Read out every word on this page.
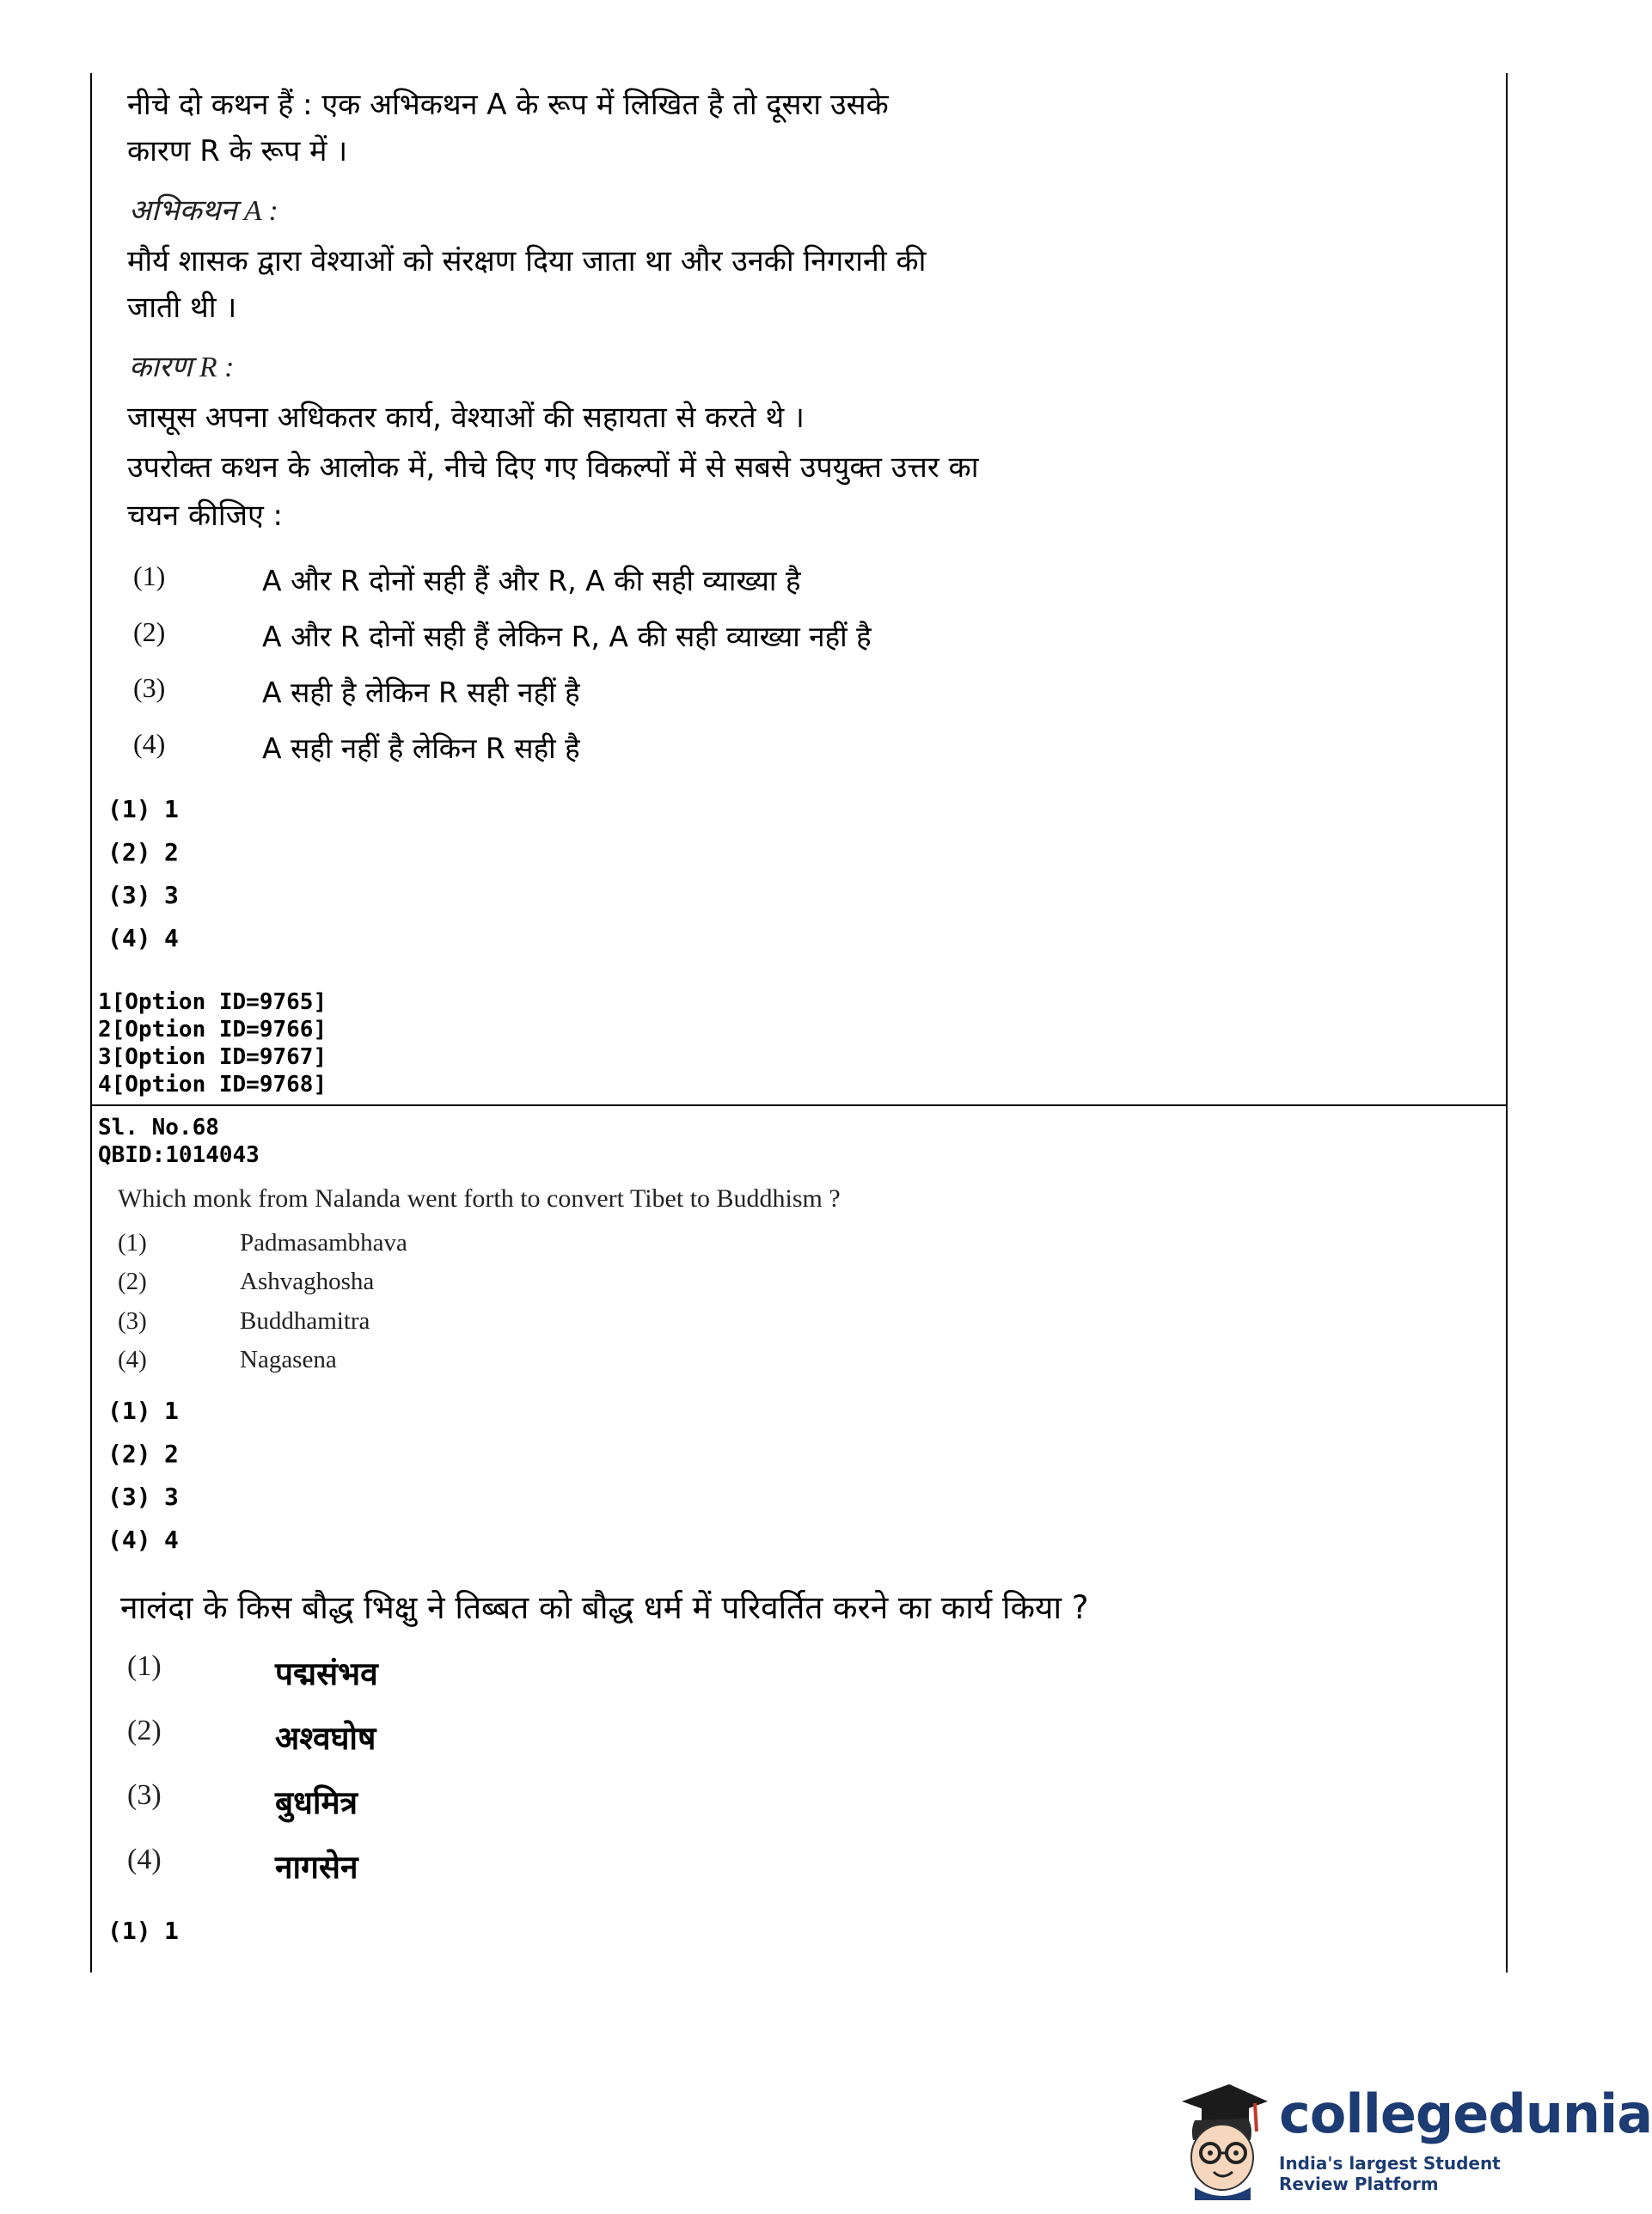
नीचे दो कथन हैं : एक अभिकथन A के रूप में लिखित है तो दूसरा उसके
कारण R के रूप में ।
अभिकथन A :
मौर्य शासक द्वारा वेश्याओं को संरक्षण दिया जाता था और उनकी निगरानी की
जाती थी ।
कारण R :
जासूस अपना अधिकतर कार्य, वेश्याओं की सहायता से करते थे ।
उपरोक्त कथन के आलोक में, नीचे दिए गए विकल्पों में से सबसे उपयुक्त उत्तर का
चयन कीजिए :
(1)	A और R दोनों सही हैं और R, A की सही व्याख्या है
(2)	A और R दोनों सही हैं लेकिन R, A की सही व्याख्या नहीं है
(3)	A सही है लेकिन R सही नहीं है
(4)	A सही नहीं है लेकिन R सही है
(1) 1
(2) 2
(3) 3
(4) 4
1[Option ID=9765]
2[Option ID=9766]
3[Option ID=9767]
4[Option ID=9768]
Sl. No.68
QBID:1014043
Which monk from Nalanda went forth to convert Tibet to Buddhism ?
(1)	Padmasambhava
(2)	Ashvaghosha
(3)	Buddhamitra
(4)	Nagasena
(1) 1
(2) 2
(3) 3
(4) 4
नालंदा के किस बौद्ध भिक्षु ने तिब्बत को बौद्ध धर्म में परिवर्तित करने का कार्य किया ?
(1)	पद्मसंभव
(2)	अश्वघोष
(3)	बुधमित्र
(4)	नागसेन
(1) 1
collegedunia
India's largest Student Review Platform
